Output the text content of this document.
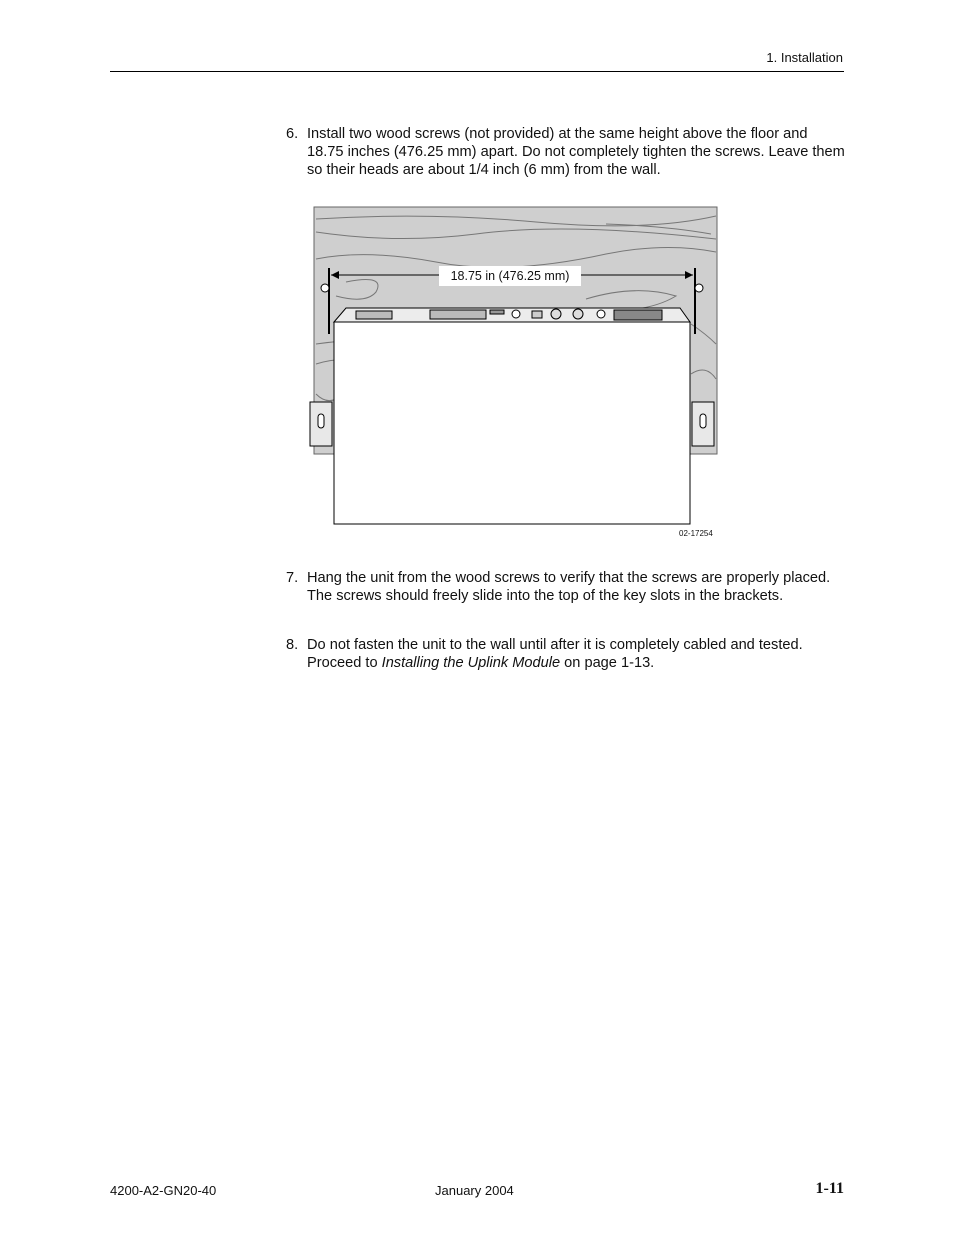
1. Installation
6. Install two wood screws (not provided) at the same height above the floor and 18.75 inches (476.25 mm) apart. Do not completely tighten the screws. Leave them so their heads are about 1/4 inch (6 mm) from the wall.
18.75 in (476.25 mm)
02-17254
7. Hang the unit from the wood screws to verify that the screws are properly placed. The screws should freely slide into the top of the key slots in the brackets.
8. Do not fasten the unit to the wall until after it is completely cabled and tested. Proceed to Installing the Uplink Module on page 1-13.
4200-A2-GN20-40	January 2004	1-11
